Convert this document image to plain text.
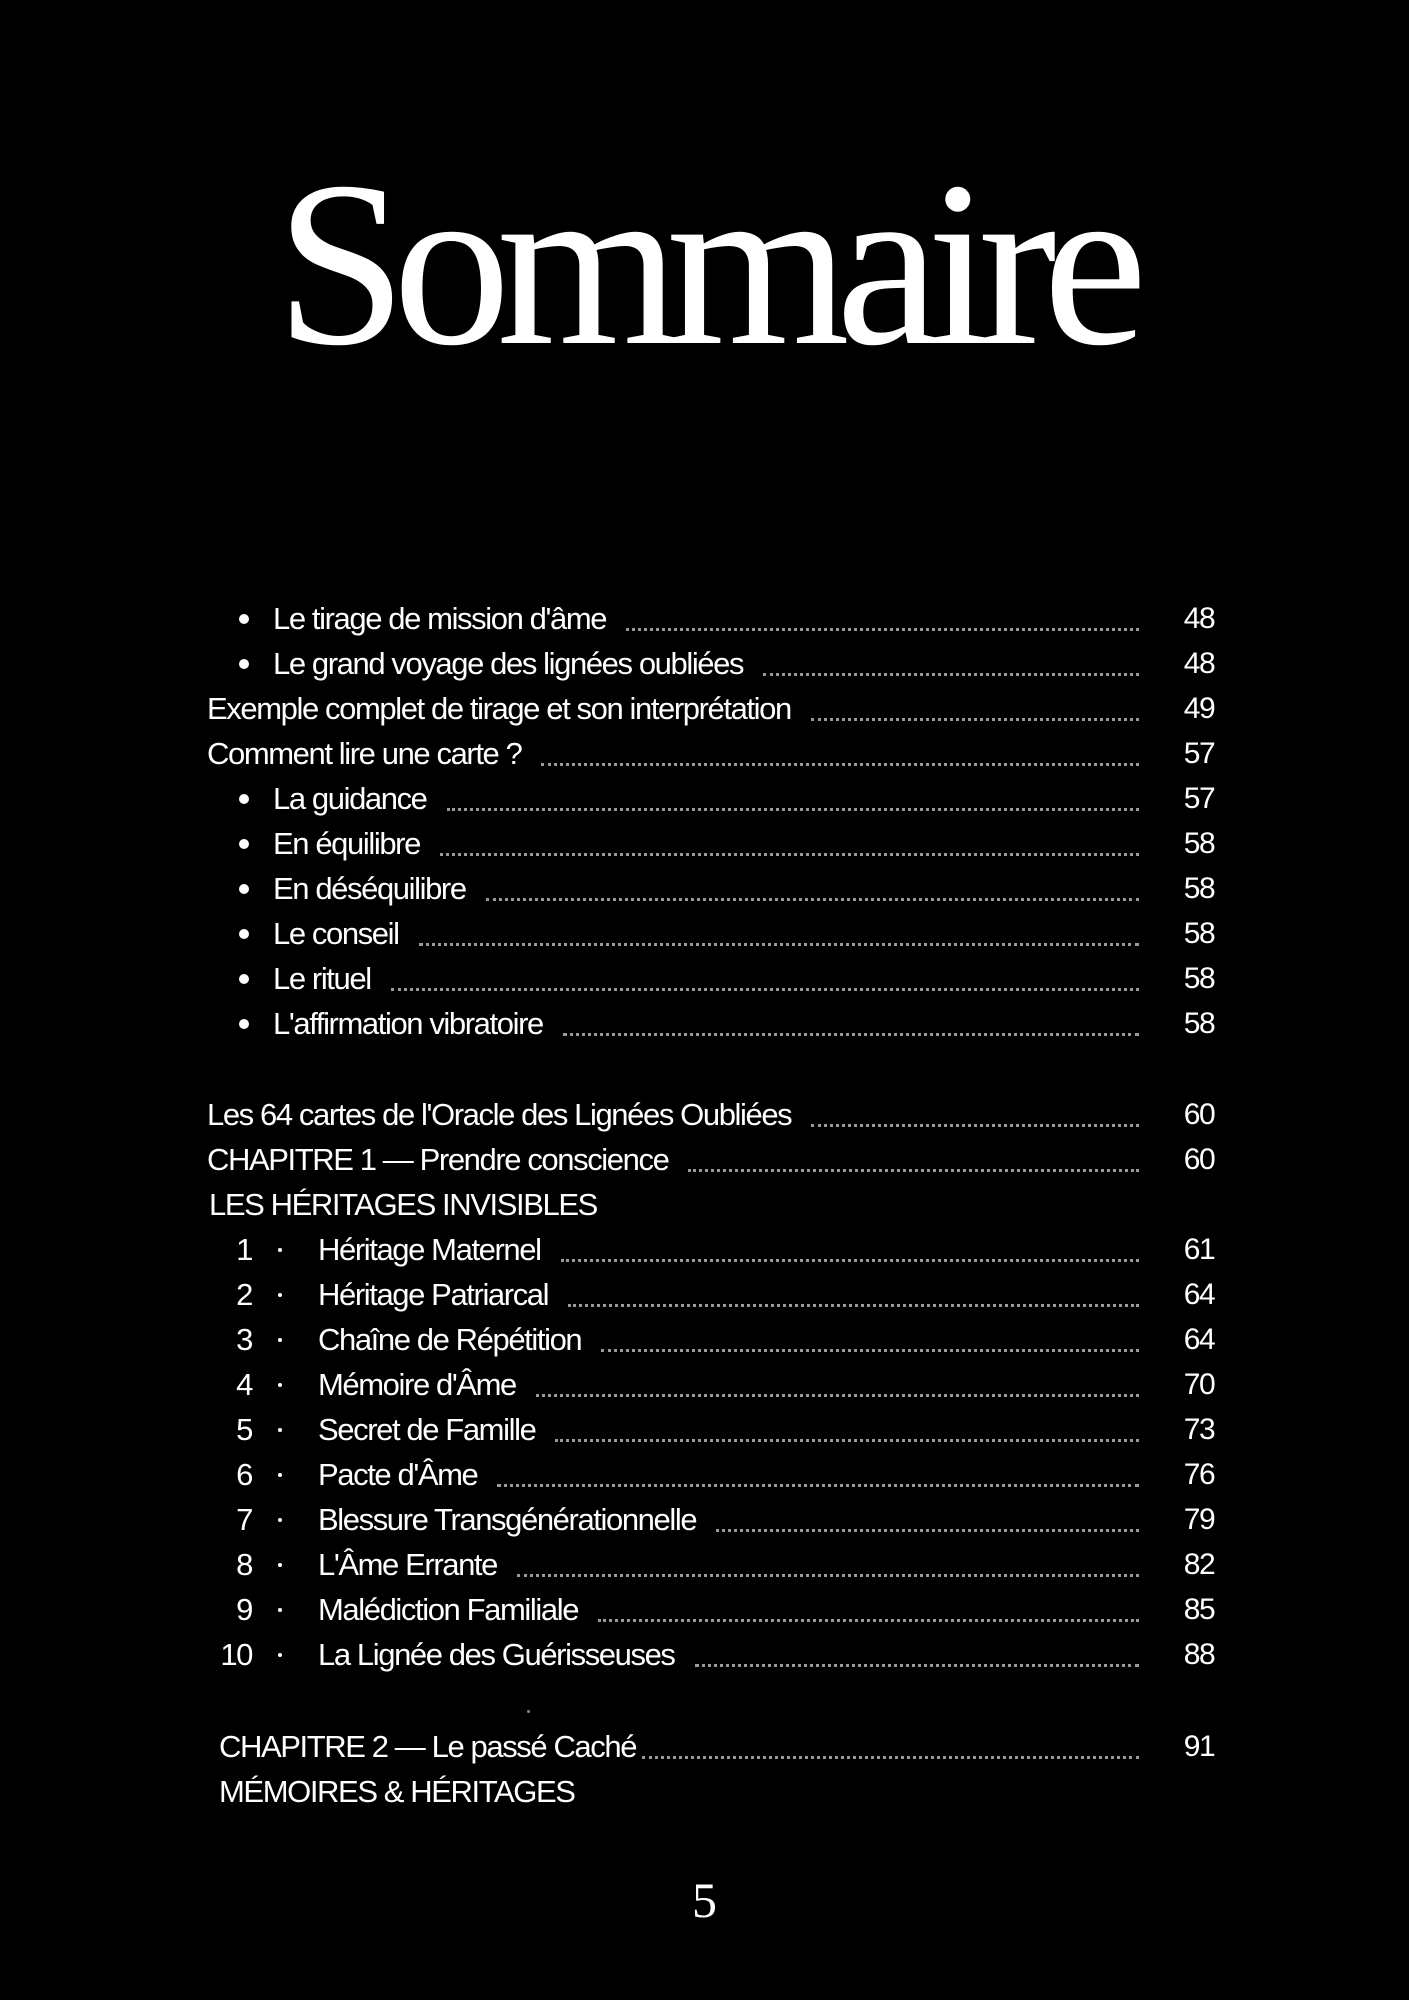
Sommaire
Le tirage de mission d'âme	48
Le grand voyage des lignées oubliées	48
Exemple complet de tirage et son interprétation	49
Comment lire une carte ?	57
La guidance	57
En équilibre	58
En déséquilibre	58
Le conseil	58
Le rituel	58
L'affirmation vibratoire	58
Les 64 cartes de l'Oracle des Lignées Oubliées	60
CHAPITRE 1 — Prendre conscience	60
LES HÉRITAGES INVISIBLES
1 Héritage Maternel	61
2 Héritage Patriarcal	64
3 Chaîne de Répétition	64
4 Mémoire d'Âme	70
5 Secret de Famille	73
6 Pacte d'Âme	76
7 Blessure Transgénérationnelle	79
8 L'Âme Errante	82
9 Malédiction Familiale	85
10 La Lignée des Guérisseuses	88
CHAPITRE 2 — Le passé Caché	91
MÉMOIRES & HÉRITAGES
5
